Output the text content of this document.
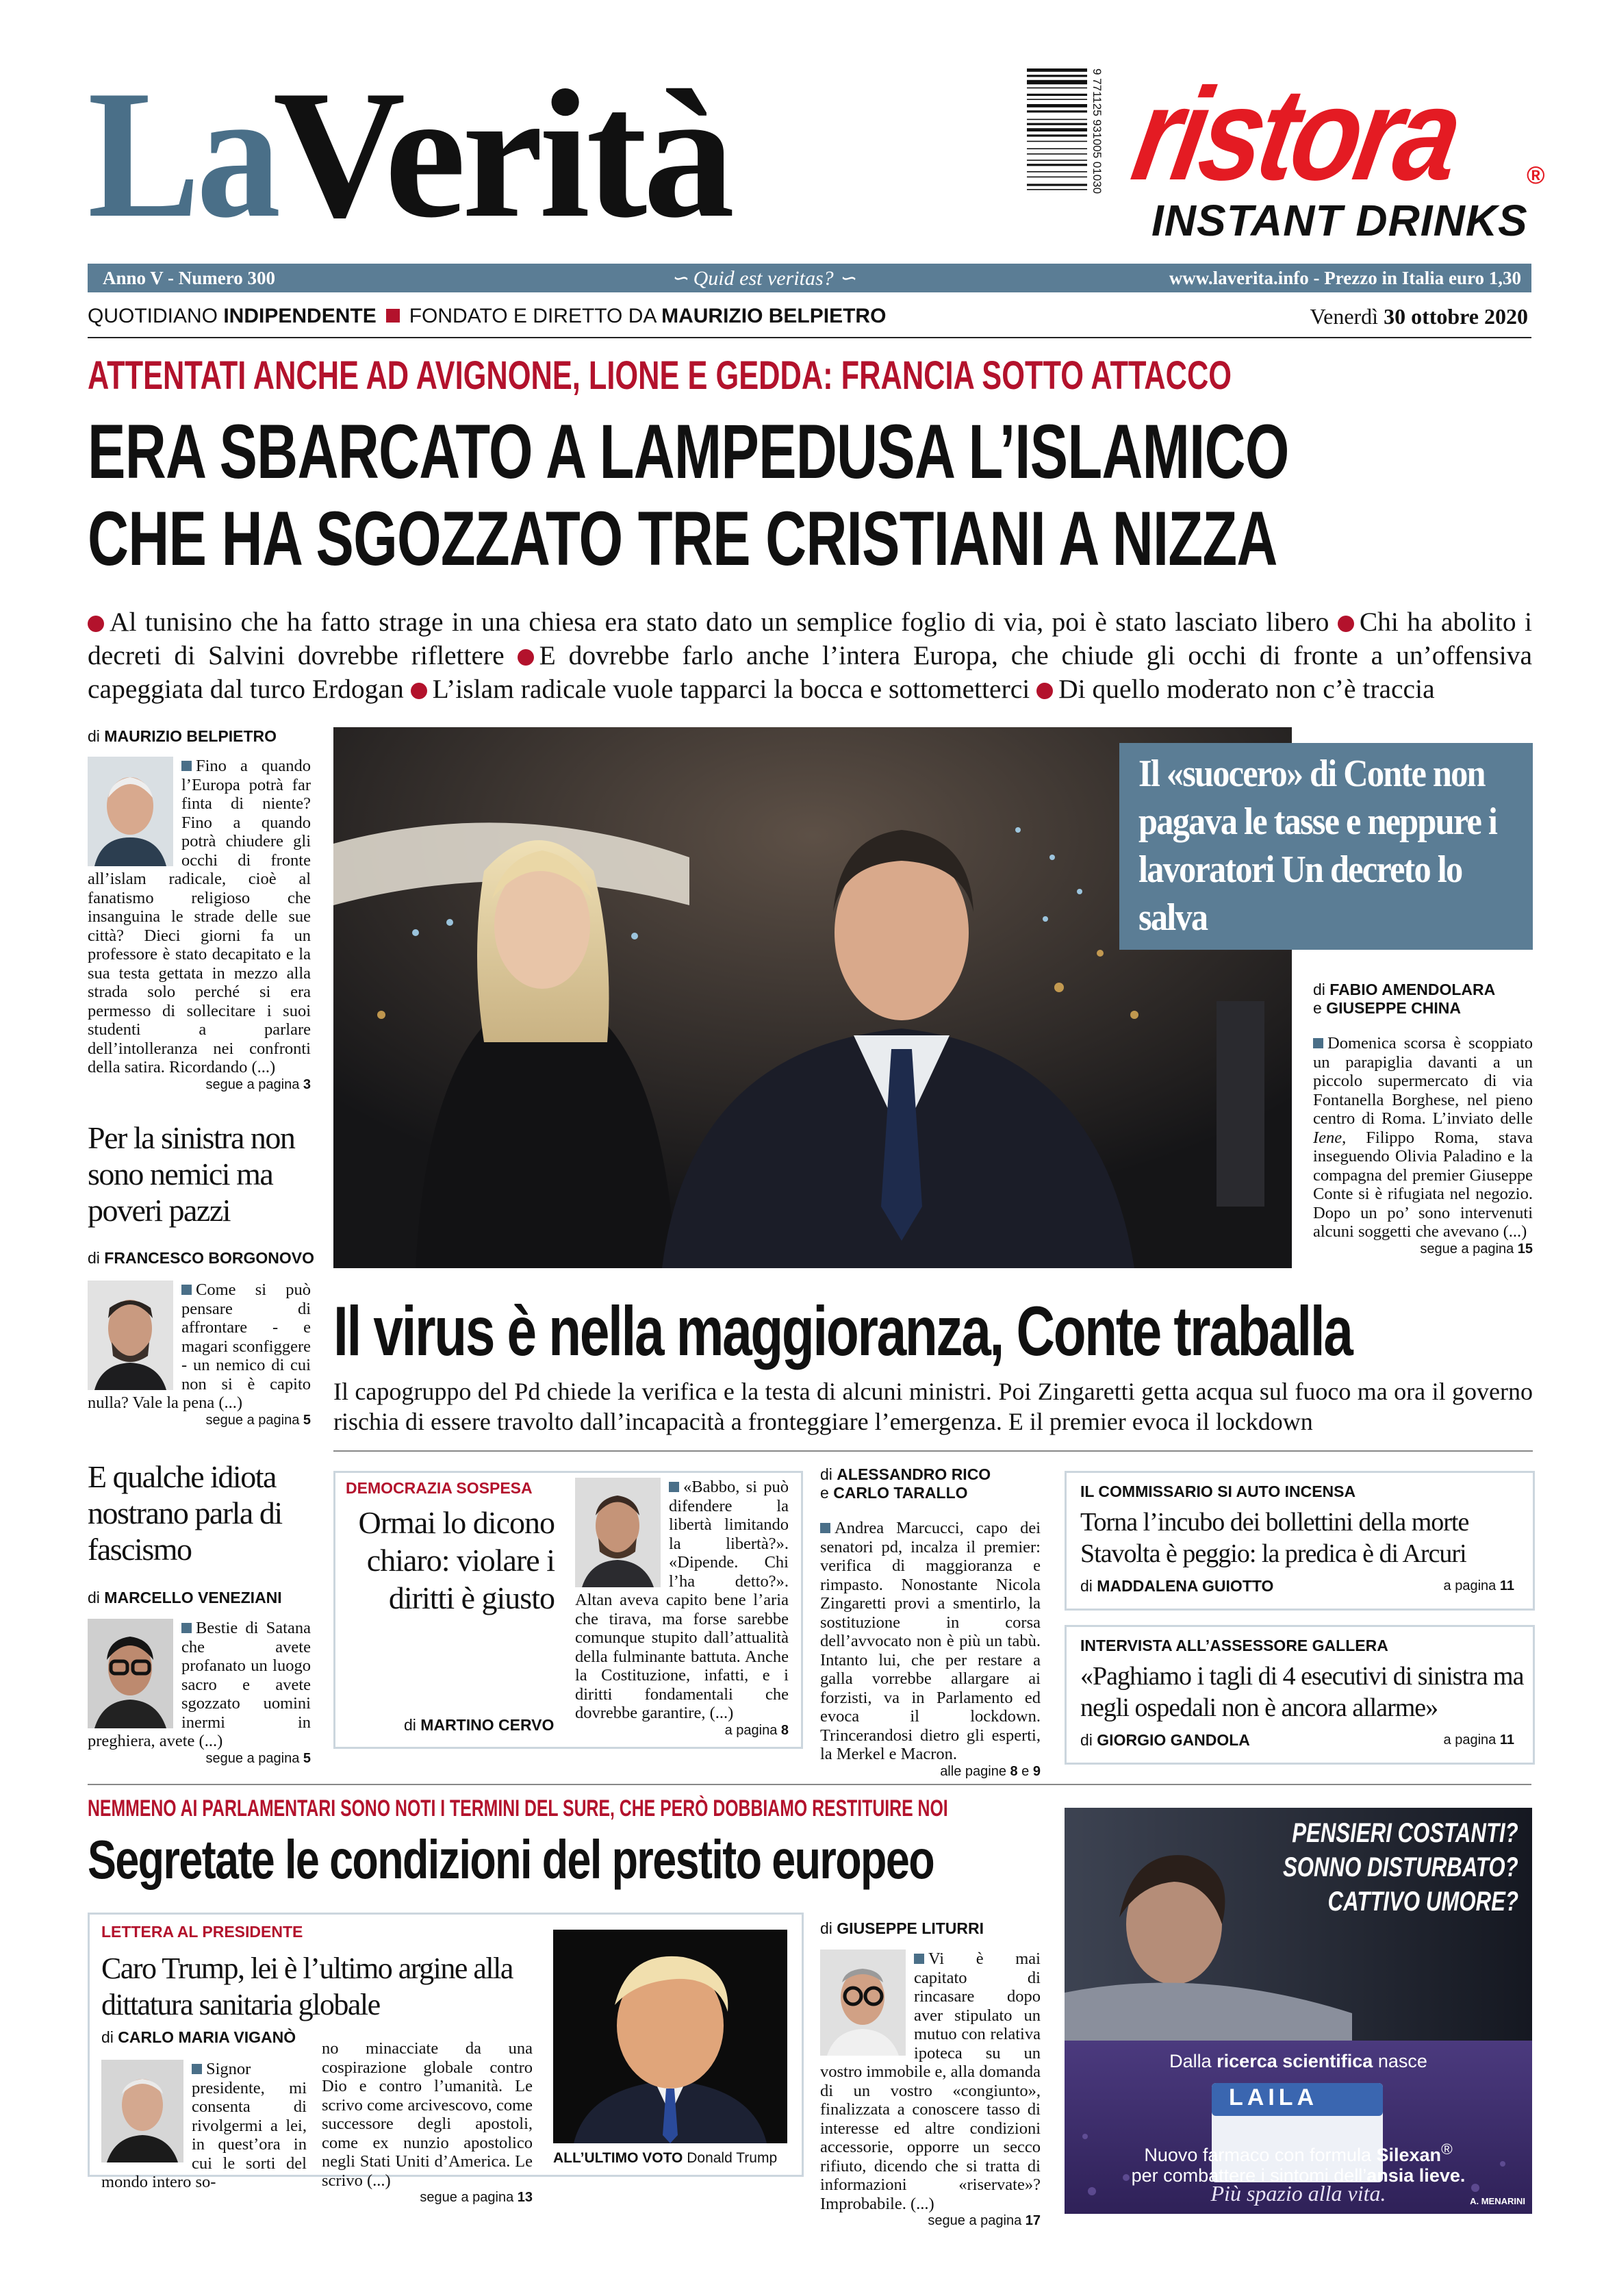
LaVerità	9 771125 931005 01030 ristora	®
INSTANT DRINKS
Anno V - Numero 300	∽ Quid est veritas? ∽	www.laverita.info - Prezzo in Italia euro 1,30
QUOTIDIANO INDIPENDENTE FONDATO E DIRETTO DA MAURIZIO BELPIETRO	Venerdì 30 ottobre 2020
ATTENTATI ANCHE AD AVIGNONE, LIONE E GEDDA: FRANCIA SOTTO ATTACCO
ERA SBARCATO A LAMPEDUSA L’ISLAMICO
CHE HA SGOZZATO TRE CRISTIANI A NIZZA
Al tunisino che ha fatto strage in una chiesa era stato dato un semplice foglio di via, poi è stato lasciato libero Chi ha abolito i decreti di Salvini dovrebbe riflettere E dovrebbe farlo anche l’intera Europa, che chiude gli occhi di fronte a un’offensiva capeggiata dal turco Erdogan L’islam radicale vuole tapparci la bocca e sottometterci Di quello moderato non c’è traccia
di MAURIZIO BELPIETRO
Fino a quando l’Europa potrà far finta di niente? Fino a quando potrà chiudere gli occhi di fronte all’islam radicale, cioè al fanatismo religioso che insanguina le strade delle sue città? Dieci giorni fa un professore è stato decapitato e la sua testa gettata in mezzo alla strada solo perché si era permesso di sollecitare i suoi studenti a parlare dell’intolleranza nei confronti della satira. Ricordando (...)
segue a pagina 3
Per la sinistra non sono nemici ma poveri pazzi
di FRANCESCO BORGONOVO
Come si può pensare di affrontare - e magari sconfiggere - un nemico di cui non si è capito nulla? Vale la pena (...)
segue a pagina 5
E qualche idiota nostrano parla di fascismo
di MARCELLO VENEZIANI
Bestie di Satana che avete profanato un luogo sacro e avete sgozzato uomini inermi in preghiera, avete (...)
segue a pagina 5
Il «suocero» di Conte non pagava le tasse e neppure i lavoratori Un decreto lo salva
di FABIO AMENDOLARA
e GIUSEPPE CHINA
Domenica scorsa è scoppiato un parapiglia davanti a un piccolo supermercato di via Fontanella Borghese, nel pieno centro di Roma. L’inviato delle Iene, Filippo Roma, stava inseguendo Olivia Paladino e la compagna del premier Giuseppe Conte si è rifugiata nel negozio. Dopo un po’ sono intervenuti alcuni soggetti che avevano (...)
segue a pagina 15
Il virus è nella maggioranza, Conte traballa
Il capogruppo del Pd chiede la verifica e la testa di alcuni ministri. Poi Zingaretti getta acqua sul fuoco ma ora il governo rischia di essere travolto dall’incapacità a fronteggiare l’emergenza. E il premier evoca il lockdown
DEMOCRAZIA SOSPESA
Ormai lo dicono chiaro: violare i diritti è giusto
di MARTINO CERVO
«Babbo, si può difendere la libertà limitando la libertà?». «Dipende. Chi l’ha detto?». Altan aveva capito bene l’aria che tirava, ma forse sarebbe comunque stupito dall’attualità della fulminante battuta. Anche la Costituzione, infatti, e i diritti fondamentali che dovrebbe garantire, (...)
a pagina 8
di ALESSANDRO RICO
e CARLO TARALLO
Andrea Marcucci, capo dei senatori pd, incalza il premier: verifica di maggioranza e rimpasto. Nonostante Nicola Zingaretti provi a smentirlo, la sostituzione in corsa dell’avvocato non è più un tabù. Intanto lui, che per restare a galla vorrebbe allargare ai forzisti, va in Parlamento ed evoca il lockdown. Trincerandosi dietro gli esperti, la Merkel e Macron.
alle pagine 8 e 9
IL COMMISSARIO SI AUTO INCENSA
Torna l’incubo dei bollettini della morte Stavolta è peggio: la predica è di Arcuri
di MADDALENA GUIOTTO	a pagina 11
INTERVISTA ALL’ASSESSORE GALLERA
«Paghiamo i tagli di 4 esecutivi di sinistra ma negli ospedali non è ancora allarme»
di GIORGIO GANDOLA	a pagina 11
NEMMENO AI PARLAMENTARI SONO NOTI I TERMINI DEL SURE, CHE PERÒ DOBBIAMO RESTITUIRE NOI
Segretate le condizioni del prestito europeo
LETTERA AL PRESIDENTE
Caro Trump, lei è l’ultimo argine alla dittatura sanitaria globale
di CARLO MARIA VIGANÒ
Signor presidente, mi consenta di rivolgermi a lei, in quest’ora in cui le sorti del mondo intero so-
no minacciate da una cospirazione globale contro Dio e contro l’umanità. Le scrivo come arcivescovo, come successore degli apostoli, come ex nunzio apostolico negli Stati Uniti d’America. Le scrivo (...)
segue a pagina 13
ALL’ULTIMO VOTO Donald Trump
di GIUSEPPE LITURRI
Vi è mai capitato di rincasare dopo aver stipulato un mutuo con relativa ipoteca su un vostro immobile e, alla domanda di un vostro «congiunto», finalizzata a conoscere tasso di interesse ed altre condizioni accessorie, opporre un secco rifiuto, dicendo che si tratta di informazioni «riservate»? Improbabile. (...)
segue a pagina 17
PENSIERI COSTANTI?
SONNO DISTURBATO?
CATTIVO UMORE?
Dalla ricerca scientifica nasce
LAILA
Nuovo farmaco con formula Silexan®
per combattere i sintomi dell’ansia lieve.
Più spazio alla vita.	A. MENARINI
